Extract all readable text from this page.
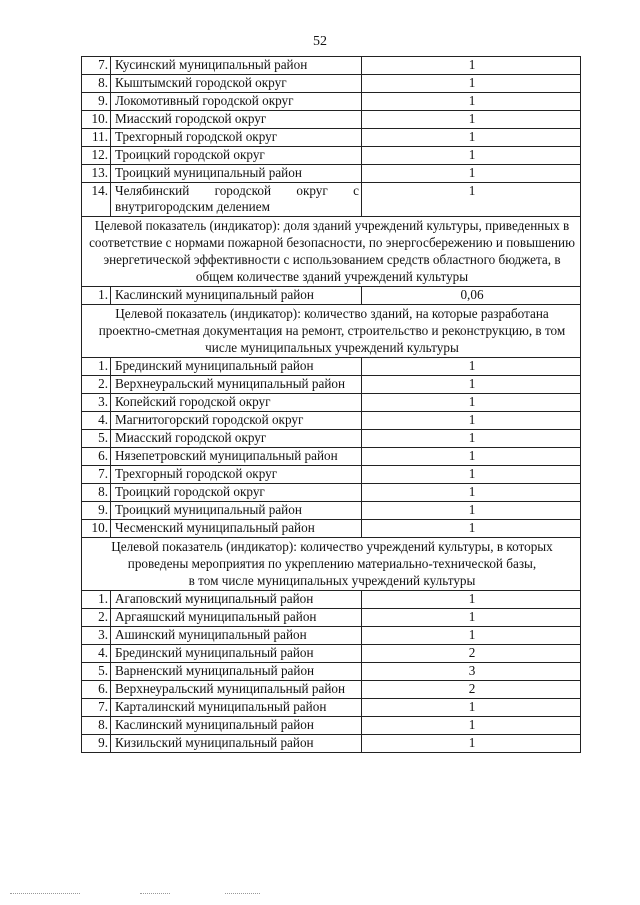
52
7.	Кусинский муниципальный район	1
8.	Кыштымский городской округ	1
9.	Локомотивный городской округ	1
10.	Миасский городской округ	1
11.	Трехгорный городской округ	1
12.	Троицкий городской округ	1
13.	Троицкий муниципальный район	1
14.	Челябинский городской округ с внутригородским делением	1
Целевой показатель (индикатор): доля зданий учреждений культуры, приведенных в соответствие с нормами пожарной безопасности, по энергосбережению и повышению энергетической эффективности с использованием средств областного бюджета, в общем количестве зданий учреждений культуры		
1.	Каслинский муниципальный район	0,06
Целевой показатель (индикатор): количество зданий, на которые разработана проектно-сметная документация на ремонт, строительство и реконструкцию, в том числе муниципальных учреждений культуры		
1.	Брединский муниципальный район	1
2.	Верхнеуральский муниципальный район	1
3.	Копейский городской округ	1
4.	Магнитогорский городской округ	1
5.	Миасский городской округ	1
6.	Нязепетровский муниципальный район	1
7.	Трехгорный городской округ	1
8.	Троицкий городской округ	1
9.	Троицкий муниципальный район	1
10.	Чесменский муниципальный район	1

Целевой показатель (индикатор): количество учреждений культуры, в которых проведены мероприятия по укреплению материально-технической базы,
в том числе муниципальных учреждений культуры		

1.	Агаповский муниципальный район	1
2.	Аргаяшский муниципальный район	1
3.	Ашинский муниципальный район	1
4.	Брединский муниципальный район	2
5.	Варненский муниципальный район	3
6.	Верхнеуральский муниципальный район	2
7.	Карталинский муниципальный район	1
8.	Каслинский муниципальный район	1
9.	Кизильский муниципальный район	1
